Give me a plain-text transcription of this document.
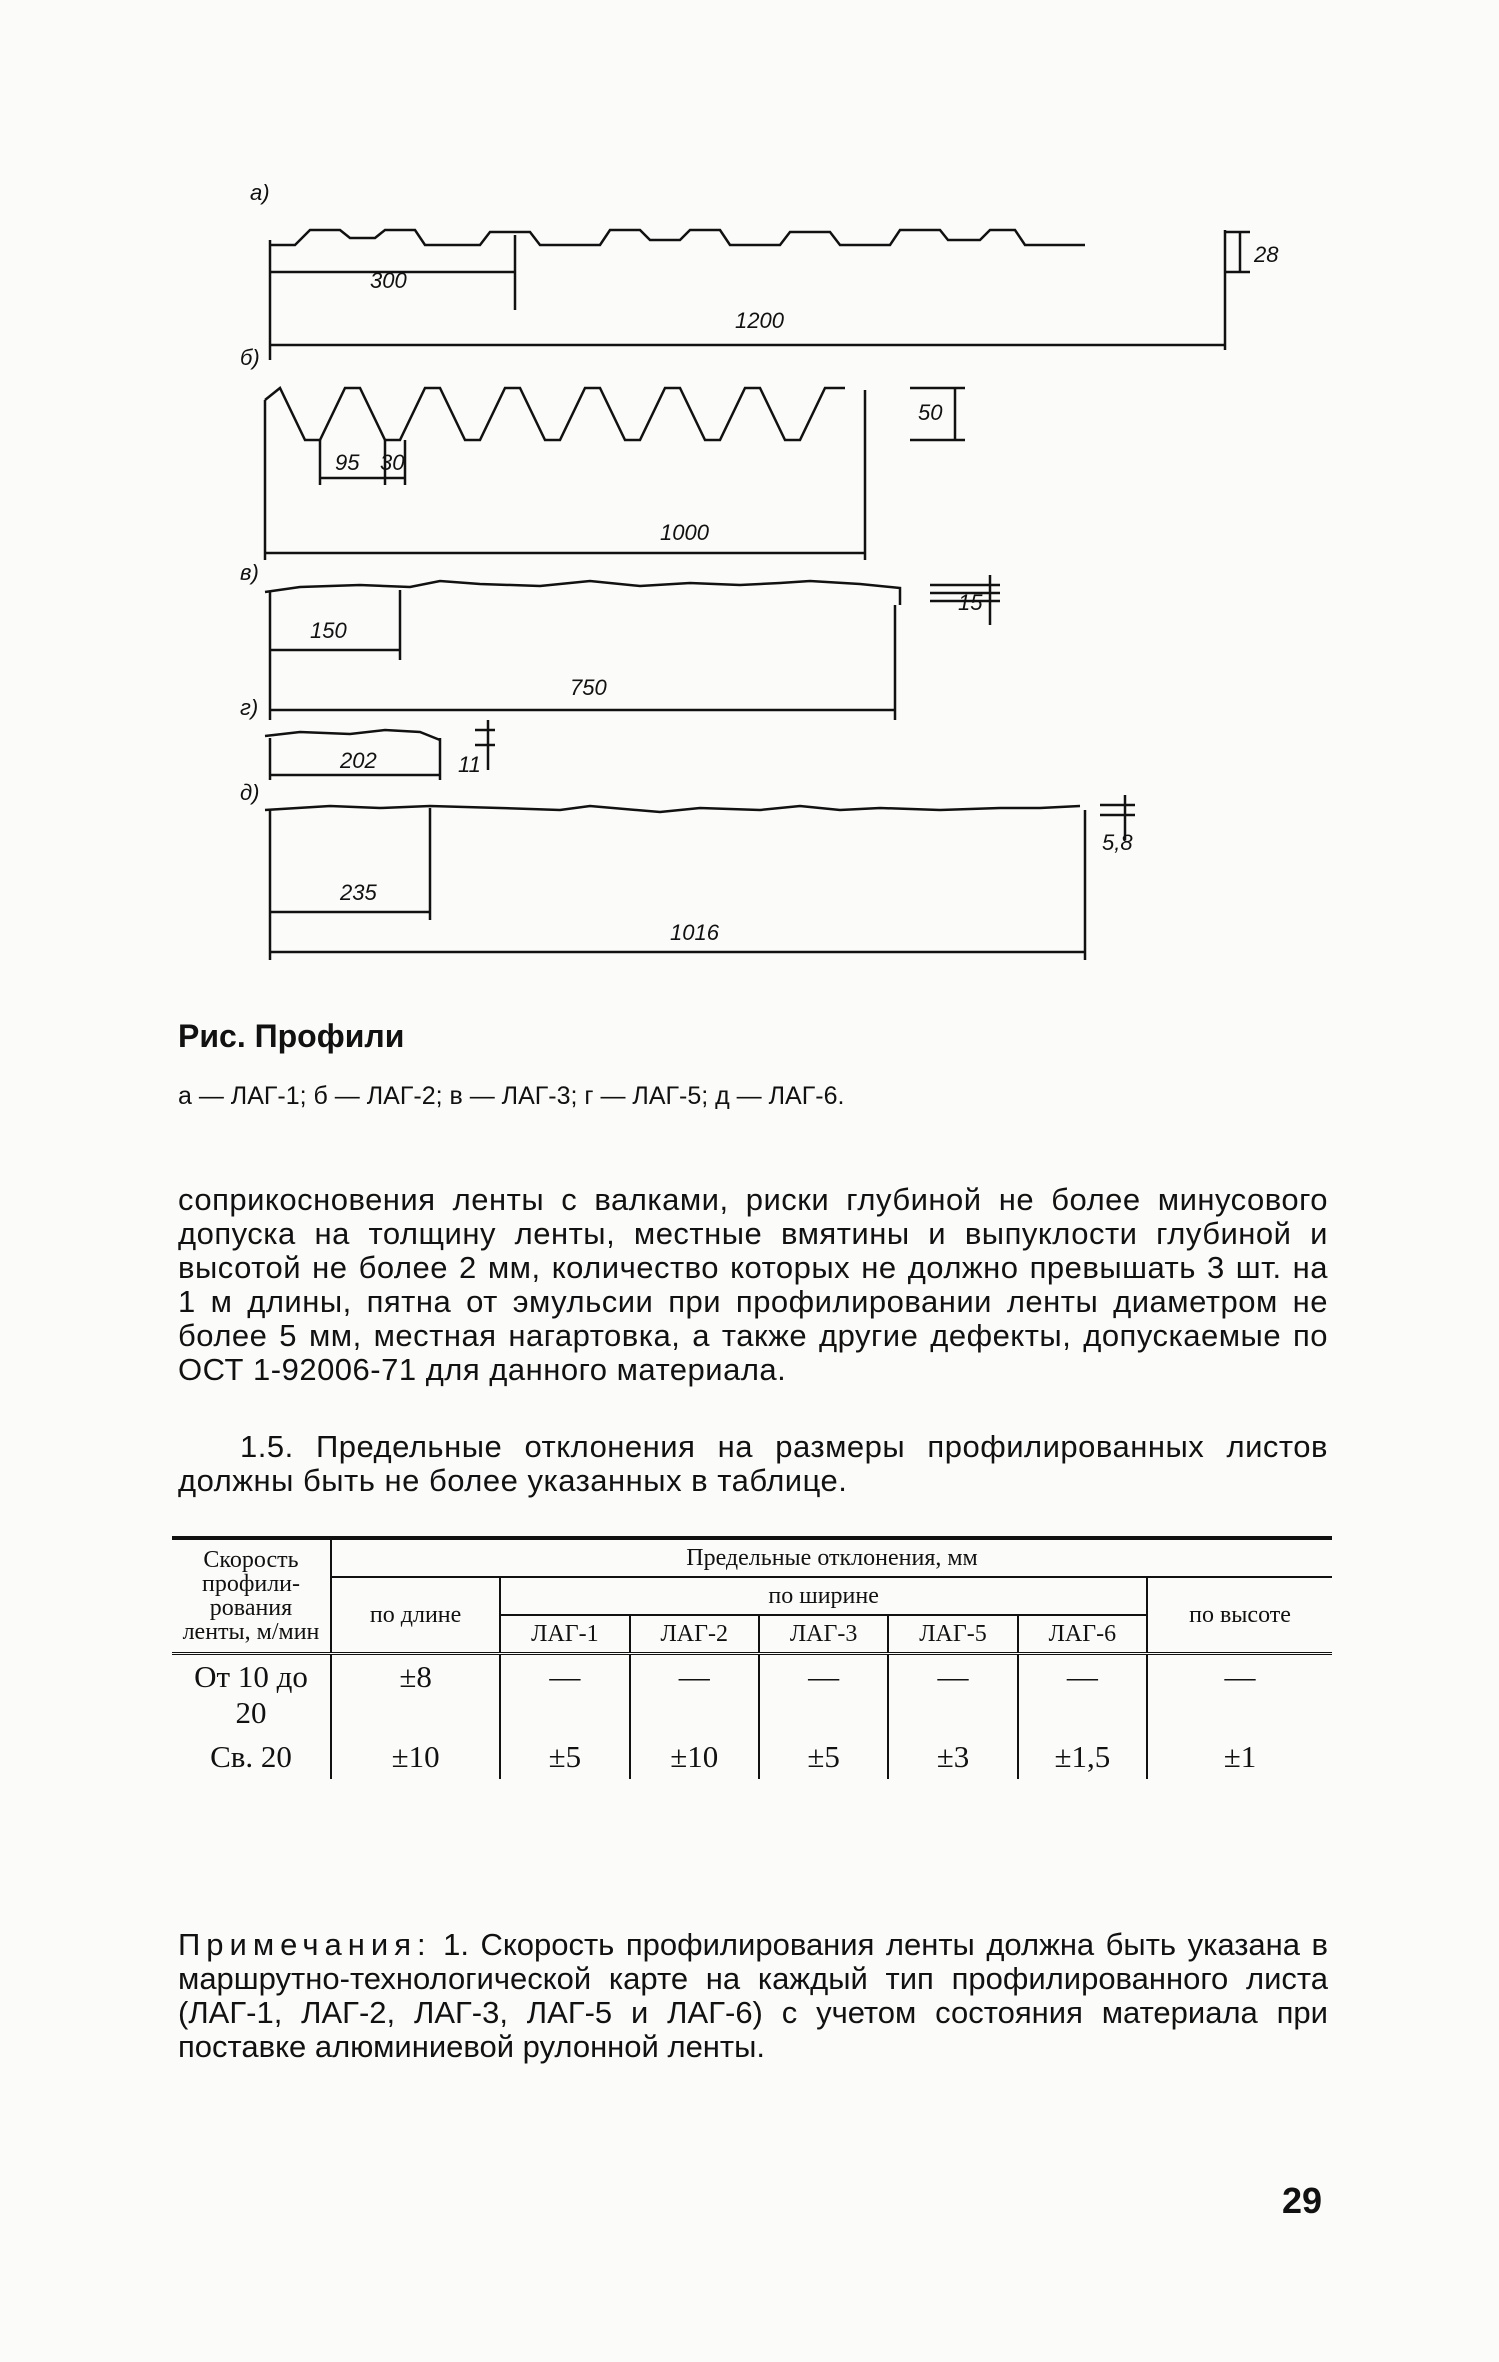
а)
300
1200
28
б)
95 30
1000
50
в)
150
750
15
г)
202	11
д)
235
1016
5,8
Рис. Профили
а — ЛАГ-1; б — ЛАГ-2; в — ЛАГ-3; г — ЛАГ-5; д — ЛАГ-6.
соприкосновения ленты с валками, риски глубиной не более минусового допуска на толщину ленты, местные вмятины и выпуклости глубиной и высотой не более 2 мм, количество которых не должно превышать 3 шт. на 1 м длины, пятна от эмульсии при профилировании ленты диаметром не более 5 мм, местная нагартовка, а также другие дефекты, допускаемые по ОСТ 1-92006-71 для данного материала.
1.5. Предельные отклонения на размеры профилированных листов должны быть не более указанных в таблице.
Скорость профили-рования ленты, м/мин	Предельные отклонения, мм						
	по длине	по ширине					по высоте
		ЛАГ-1	ЛАГ-2	ЛАГ-3	ЛАГ-5	ЛАГ-6	
От 10 до 20	±8	—	—	—	—	—	—
Св. 20	±10	±5	±10	±5	±3	±1,5	±1
Примечания: 1. Скорость профилирования ленты должна быть указана в маршрутно-технологической карте на каждый тип профилированного листа (ЛАГ-1, ЛАГ-2, ЛАГ-3, ЛАГ-5 и ЛАГ-6) с учетом состояния материала при поставке алюминиевой рулонной ленты.
29
